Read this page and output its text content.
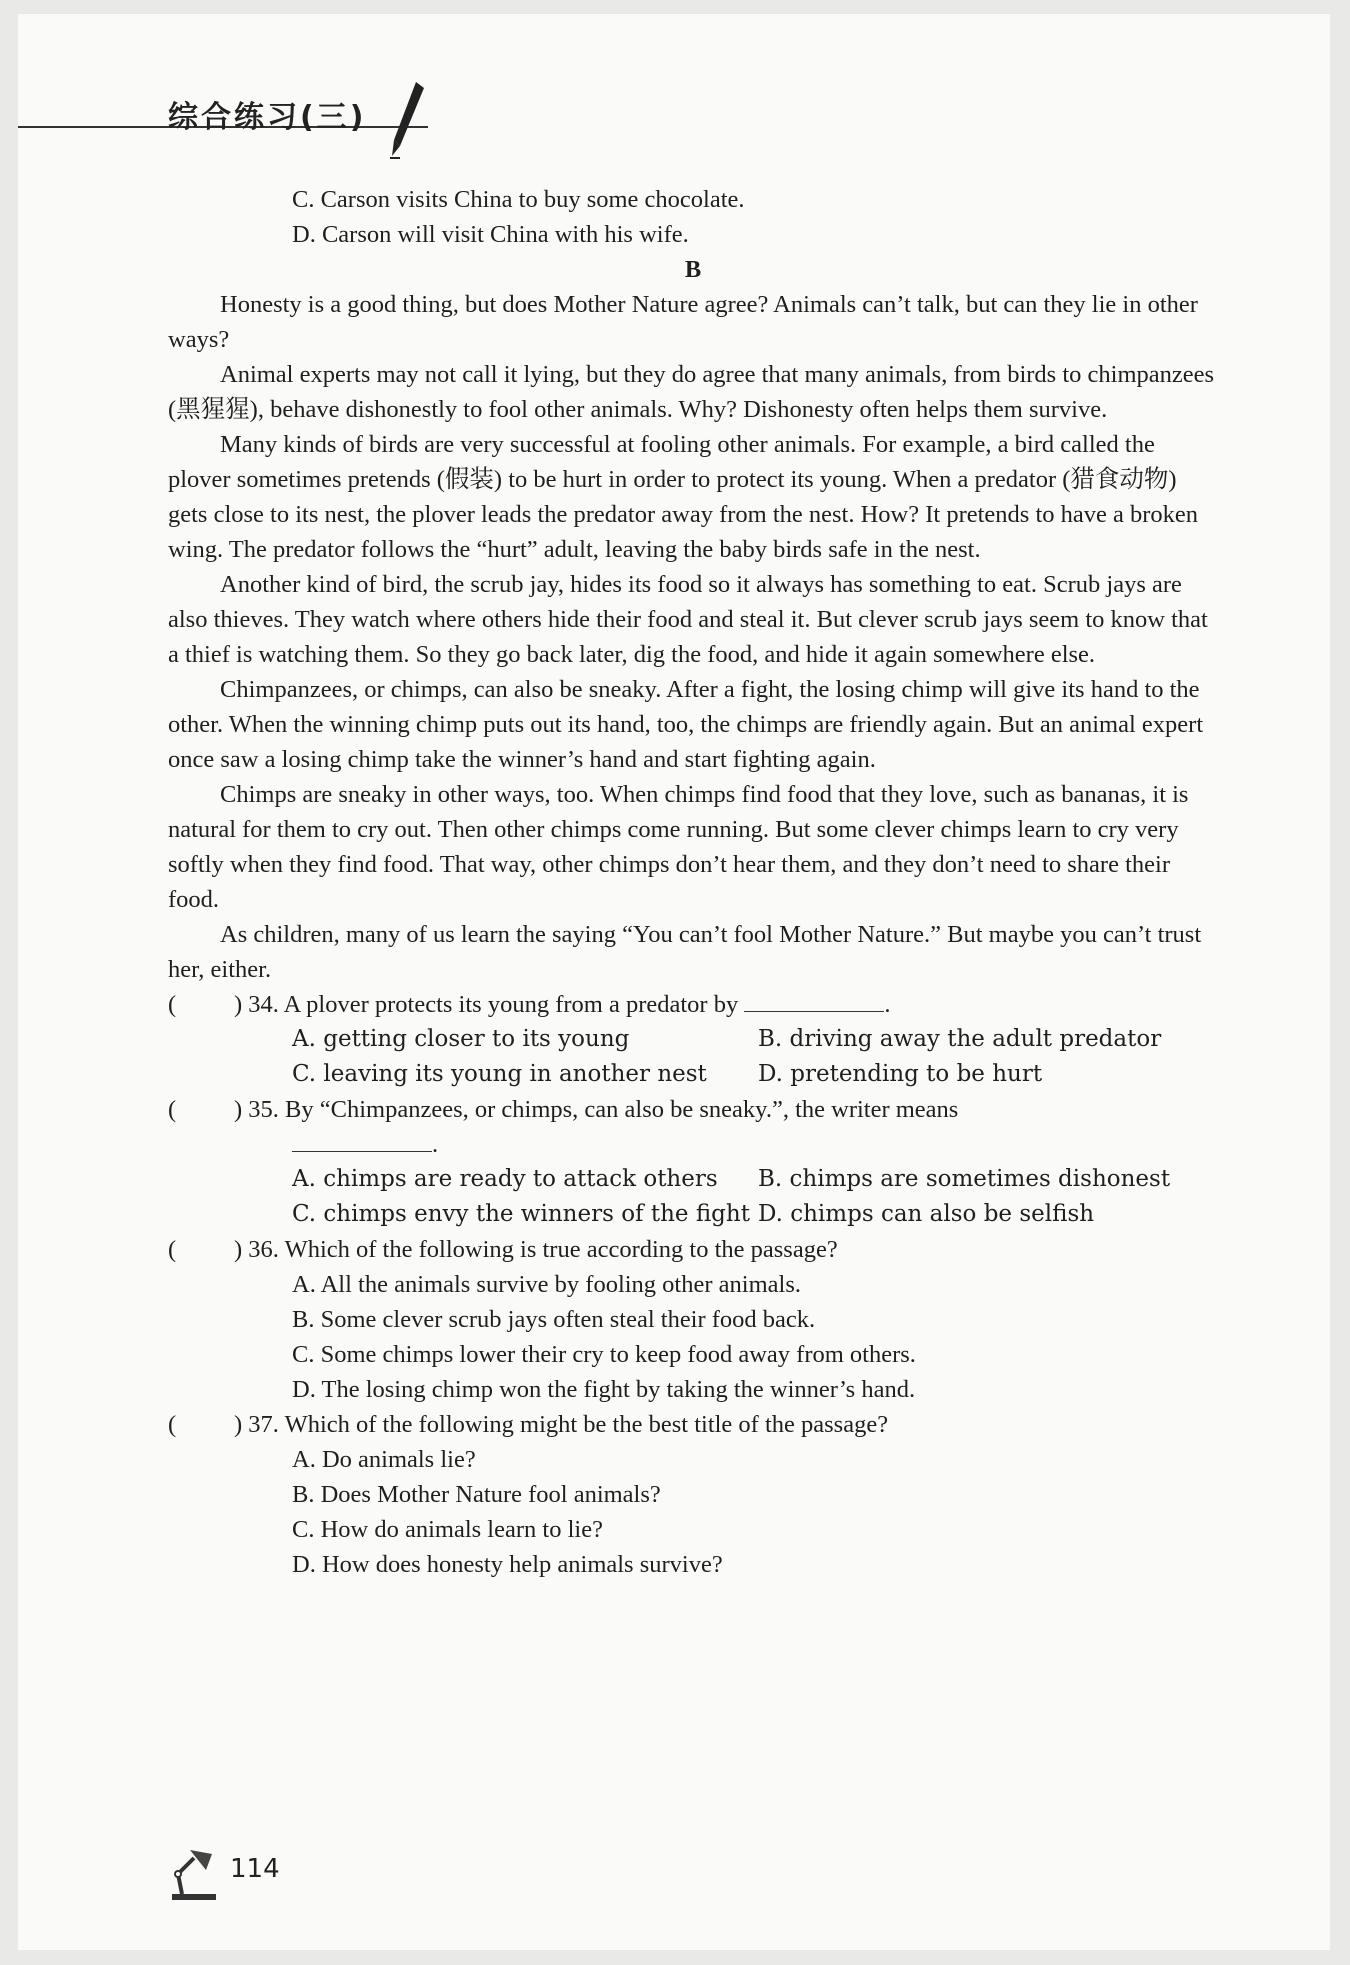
综合练习(三)
C. Carson visits China to buy some chocolate.
D. Carson will visit China with his wife.
B
Honesty is a good thing, but does Mother Nature agree? Animals can’t talk, but can they lie in other ways?
Animal experts may not call it lying, but they do agree that many animals, from birds to chimpanzees (黑猩猩), behave dishonestly to fool other animals. Why? Dishonesty often helps them survive.
Many kinds of birds are very successful at fooling other animals. For example, a bird called the plover sometimes pretends (假装) to be hurt in order to protect its young. When a predator (猎食动物) gets close to its nest, the plover leads the predator away from the nest. How? It pretends to have a broken wing. The predator follows the “hurt” adult, leaving the baby birds safe in the nest.
Another kind of bird, the scrub jay, hides its food so it always has something to eat. Scrub jays are also thieves. They watch where others hide their food and steal it. But clever scrub jays seem to know that a thief is watching them. So they go back later, dig the food, and hide it again somewhere else.
Chimpanzees, or chimps, can also be sneaky. After a fight, the losing chimp will give its hand to the other. When the winning chimp puts out its hand, too, the chimps are friendly again. But an animal expert once saw a losing chimp take the winner’s hand and start fighting again.
Chimps are sneaky in other ways, too. When chimps find food that they love, such as bananas, it is natural for them to cry out. Then other chimps come running. But some clever chimps learn to cry very softly when they find food. That way, other chimps don’t hear them, and they don’t need to share their food.
As children, many of us learn the saying “You can’t fool Mother Nature.” But maybe you can’t trust her, either.
(	) 34. A plover protects its young from a predator by	.
A. getting closer to its young	B. driving away the adult predator
C. leaving its young in another nest	D. pretending to be hurt
(	) 35. By “Chimpanzees, or chimps, can also be sneaky.”, the writer means
.
A. chimps are ready to attack others	B. chimps are sometimes dishonest
C. chimps envy the winners of the fight D. chimps can also be selfish
(	) 36. Which of the following is true according to the passage?
A. All the animals survive by fooling other animals.
B. Some clever scrub jays often steal their food back.
C. Some chimps lower their cry to keep food away from others.
D. The losing chimp won the fight by taking the winner’s hand.
(	) 37. Which of the following might be the best title of the passage?
A. Do animals lie?
B. Does Mother Nature fool animals?
C. How do animals learn to lie?
D. How does honesty help animals survive?
114
